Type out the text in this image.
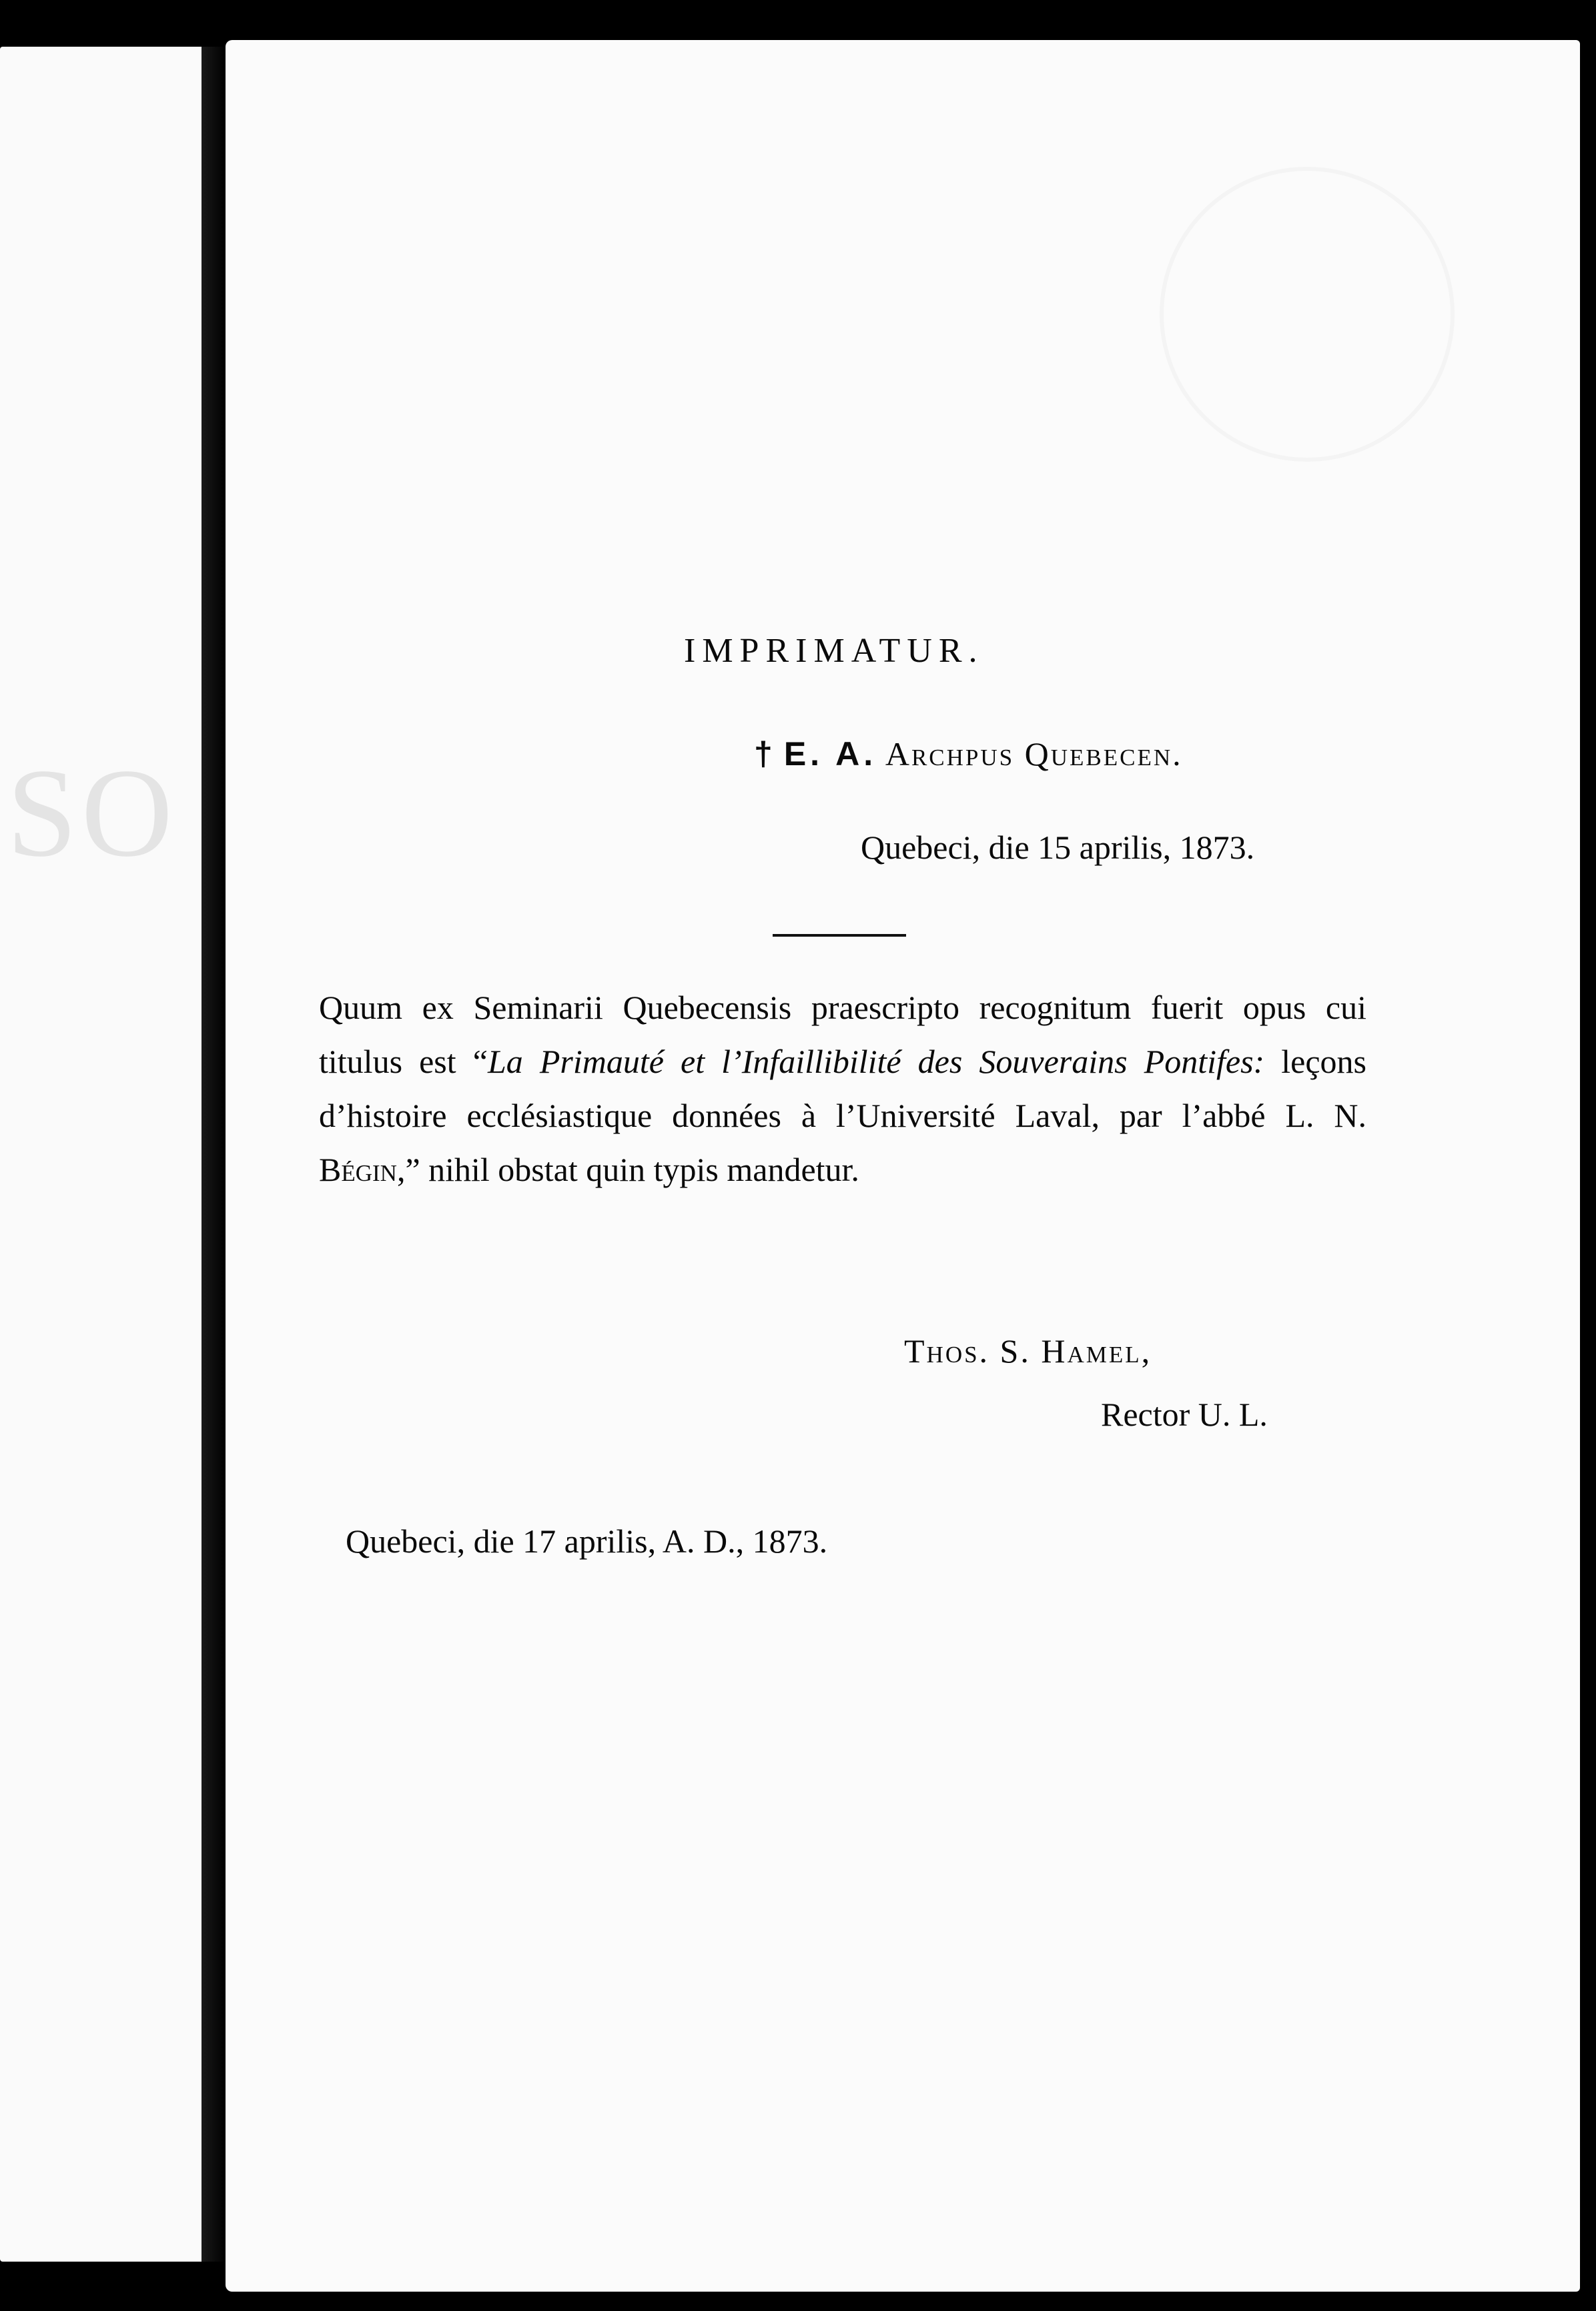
SO
IMPRIMATUR.
† E. A. Archpus Quebecen.
Quebeci, die 15 aprilis, 1873.
Quum ex Seminarii Quebecensis praescripto recognitum fuerit opus cui titulus est “La Primauté et l’Infaillibilité des Souverains Pontifes: leçons d’histoire ecclésiastique données à l’Université Laval, par l’abbé L. N. Bégin,” nihil obstat quin typis mandetur.
Thos. S. Hamel,
Rector U. L.
Quebeci, die 17 aprilis, A. D., 1873.
